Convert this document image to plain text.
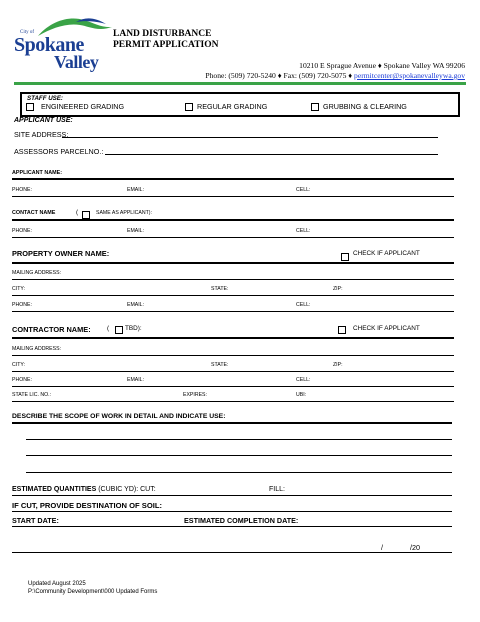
City of
Spokane
Valley
LAND DISTURBANCE
PERMIT APPLICATION
10210 E Sprague Avenue ♦ Spokane Valley WA 99206
Phone: (509) 720-5240 ♦ Fax: (509) 720-5075 ♦ permitcenter@spokanevalleywa.gov
STAFF USE:
ENGINEERED GRADING	REGULAR GRADING	GRUBBING & CLEARING
APPLICANT USE:
SITE ADDRESS:
ASSESSORS PARCELNO.:
APPLICANT NAME:
PHONE:	EMAIL:	CELL:
CONTACT NAME	(	SAME AS APPLICANT):
PHONE:	EMAIL:	CELL:
PROPERTY OWNER NAME:	CHECK IF APPLICANT
MAILING ADDRESS:
CITY:	STATE:	ZIP:
PHONE:	EMAIL:	CELL:
CONTRACTOR NAME:	( TBD):	CHECK IF APPLICANT
MAILING ADDRESS:
CITY:	STATE:	ZIP:
PHONE:	EMAIL:	CELL:
STATE LIC. NO.:	EXPIRES:	UBI:
DESCRIBE THE SCOPE OF WORK IN DETAIL AND INDICATE USE:
ESTIMATED QUANTITIES (CUBIC YD): CUT:	FILL:
IF CUT, PROVIDE DESTINATION OF SOIL:
START DATE:	ESTIMATED COMPLETION DATE:
/	/20
Updated August 2025
P:\Community Development\000 Updated Forms
